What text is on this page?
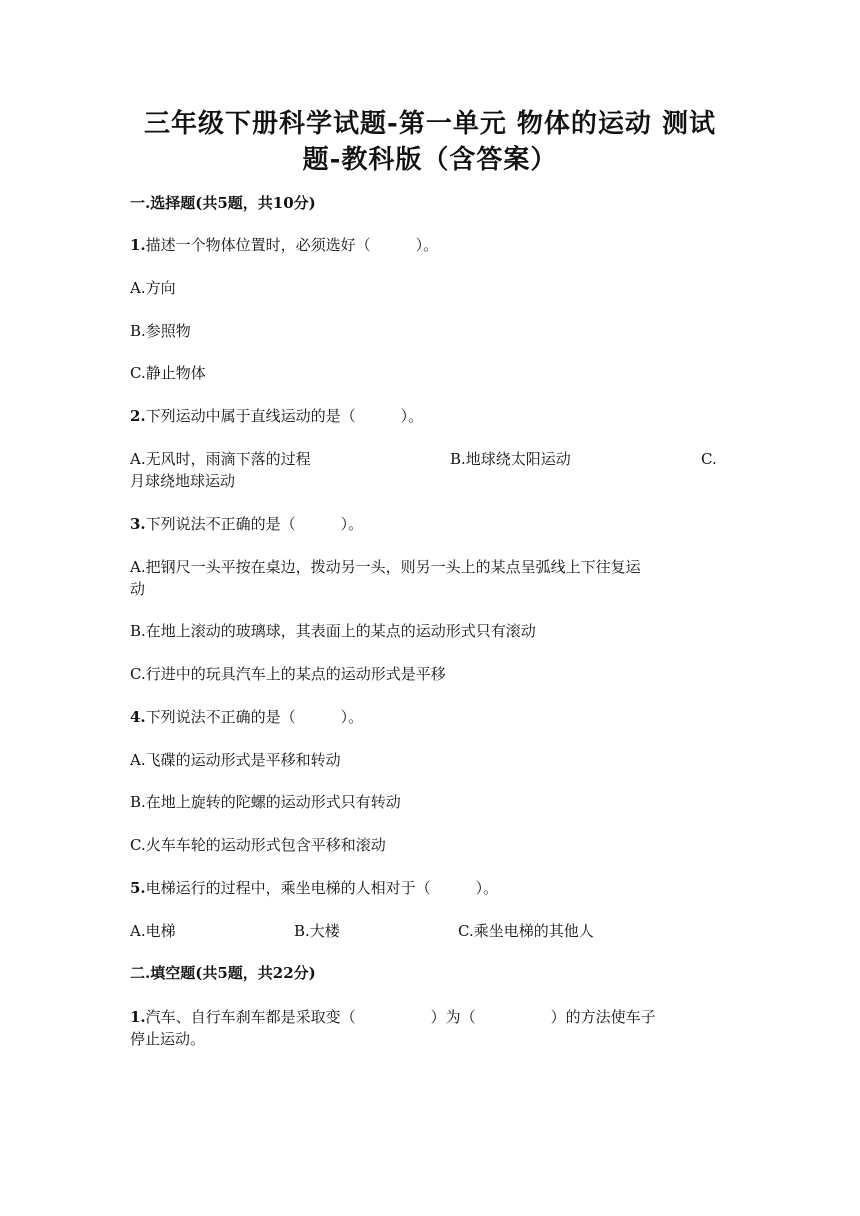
三年级下册科学试题-第一单元 物体的运动 测试
题-教科版（含答案）
一.选择题(共5题，共10分)
1.描述一个物体位置时，必须选好（　　　）。
A.方向
B.参照物
C.静止物体
2.下列运动中属于直线运动的是（　　　）。
A.无风时，雨滴下落的过程	B.地球绕太阳运动	C.
月球绕地球运动
3.下列说法不正确的是（　　　）。
A.把钢尺一头平按在桌边，拨动另一头，则另一头上的某点呈弧线上下往复运
动
B.在地上滚动的玻璃球，其表面上的某点的运动形式只有滚动
C.行进中的玩具汽车上的某点的运动形式是平移
4.下列说法不正确的是（　　　）。
A.飞碟的运动形式是平移和转动
B.在地上旋转的陀螺的运动形式只有转动
C.火车车轮的运动形式包含平移和滚动
5.电梯运行的过程中，乘坐电梯的人相对于（　　　）。
A.电梯	B.大楼	C.乘坐电梯的其他人
二.填空题(共5题，共22分)
1.汽车、自行车刹车都是采取变（　　　　　）为（　　　　　）的方法使车子
停止运动。
